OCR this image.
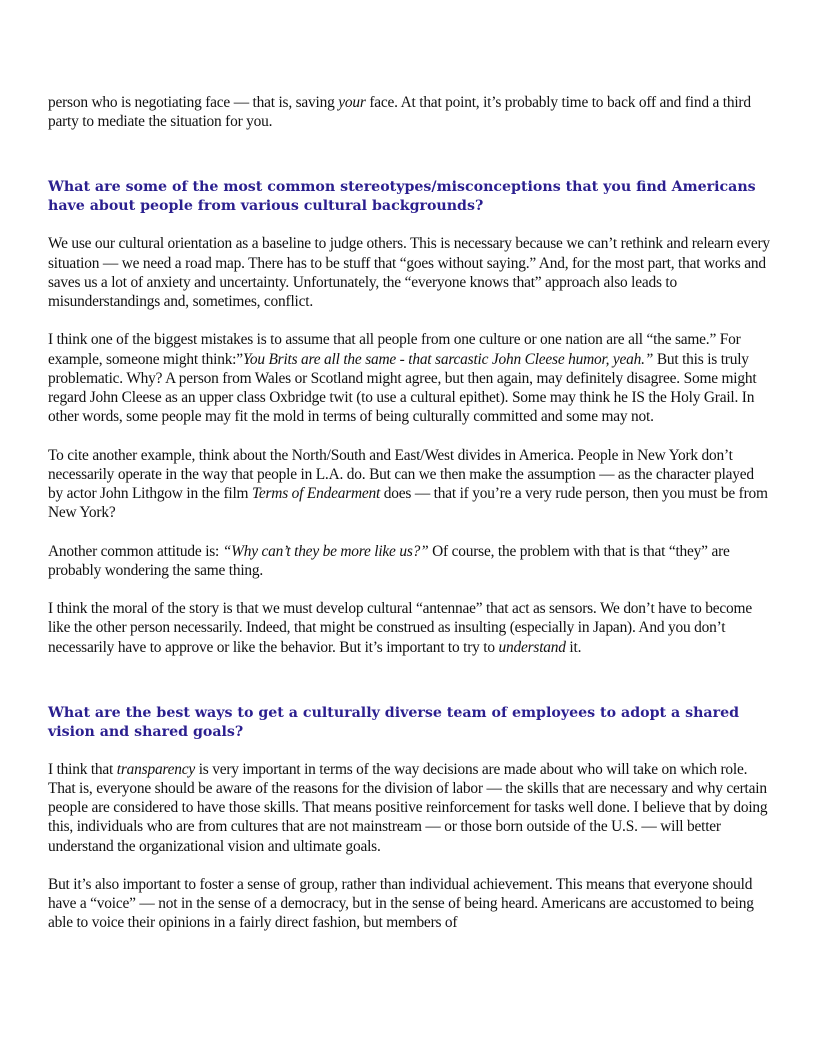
person who is negotiating face — that is, saving your face. At that point, it’s probably time to back off and find a third party to mediate the situation for you.

What are some of the most common stereotypes/misconceptions that you find Americans have about people from various cultural backgrounds?

We use our cultural orientation as a baseline to judge others. This is necessary because we can’t rethink and relearn every situation — we need a road map. There has to be stuff that “goes without saying.” And, for the most part, that works and saves us a lot of anxiety and uncertainty. Unfortunately, the “everyone knows that” approach also leads to misunderstandings and, sometimes, conflict.

I think one of the biggest mistakes is to assume that all people from one culture or one nation are all “the same.” For example, someone might think:”You Brits are all the same - that sarcastic John Cleese humor, yeah.” But this is truly problematic. Why? A person from Wales or Scotland might agree, but then again, may definitely disagree. Some might regard John Cleese as an upper class Oxbridge twit (to use a cultural epithet). Some may think he IS the Holy Grail. In other words, some people may fit the mold in terms of being culturally committed and some may not.

To cite another example, think about the North/South and East/West divides in America. People in New York don’t necessarily operate in the way that people in L.A. do. But can we then make the assumption — as the character played by actor John Lithgow in the film Terms of Endearment does — that if you’re a very rude person, then you must be from New York?

Another common attitude is: “Why can’t they be more like us?” Of course, the problem with that is that “they” are probably wondering the same thing.

I think the moral of the story is that we must develop cultural “antennae” that act as sensors. We don’t have to become like the other person necessarily. Indeed, that might be construed as insulting (especially in Japan). And you don’t necessarily have to approve or like the behavior. But it’s important to try to understand it.

What are the best ways to get a culturally diverse team of employees to adopt a shared vision and shared goals?

I think that transparency is very important in terms of the way decisions are made about who will take on which role. That is, everyone should be aware of the reasons for the division of labor — the skills that are necessary and why certain people are considered to have those skills. That means positive reinforcement for tasks well done. I believe that by doing this, individuals who are from cultures that are not mainstream — or those born outside of the U.S. — will better understand the organizational vision and ultimate goals.

But it’s also important to foster a sense of group, rather than individual achievement. This means that everyone should have a “voice” — not in the sense of a democracy, but in the sense of being heard. Americans are accustomed to being able to voice their opinions in a fairly direct fashion, but members of
